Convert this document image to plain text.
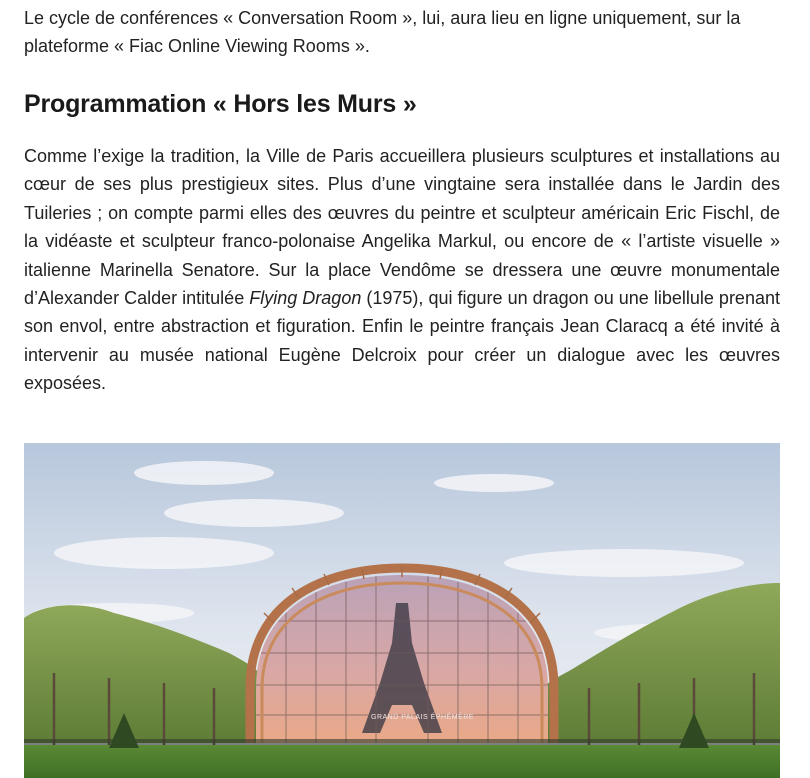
Le cycle de conférences « Conversation Room », lui, aura lieu en ligne uniquement, sur la plateforme « Fiac Online Viewing Rooms ».

Programmation « Hors les Murs »

Comme l’exige la tradition, la Ville de Paris accueillera plusieurs sculptures et installations au cœur de ses plus prestigieux sites. Plus d’une vingtaine sera installée dans le Jardin des Tuileries ; on compte parmi elles des œuvres du peintre et sculpteur américain Eric Fischl, de la vidéaste et sculpteur franco-polonaise Angelika Markul, ou encore de « l’artiste visuelle » italienne Marinella Senatore. Sur la place Vendôme se dressera une œuvre monumentale d’Alexander Calder intitulée Flying Dragon (1975), qui figure un dragon ou une libellule prenant son envol, entre abstraction et figuration. Enfin le peintre français Jean Claracq a été invité à intervenir au musée national Eugène Delcroix pour créer un dialogue avec les œuvres exposées.

GRAND PALAIS ÉPHÉMÈRE
